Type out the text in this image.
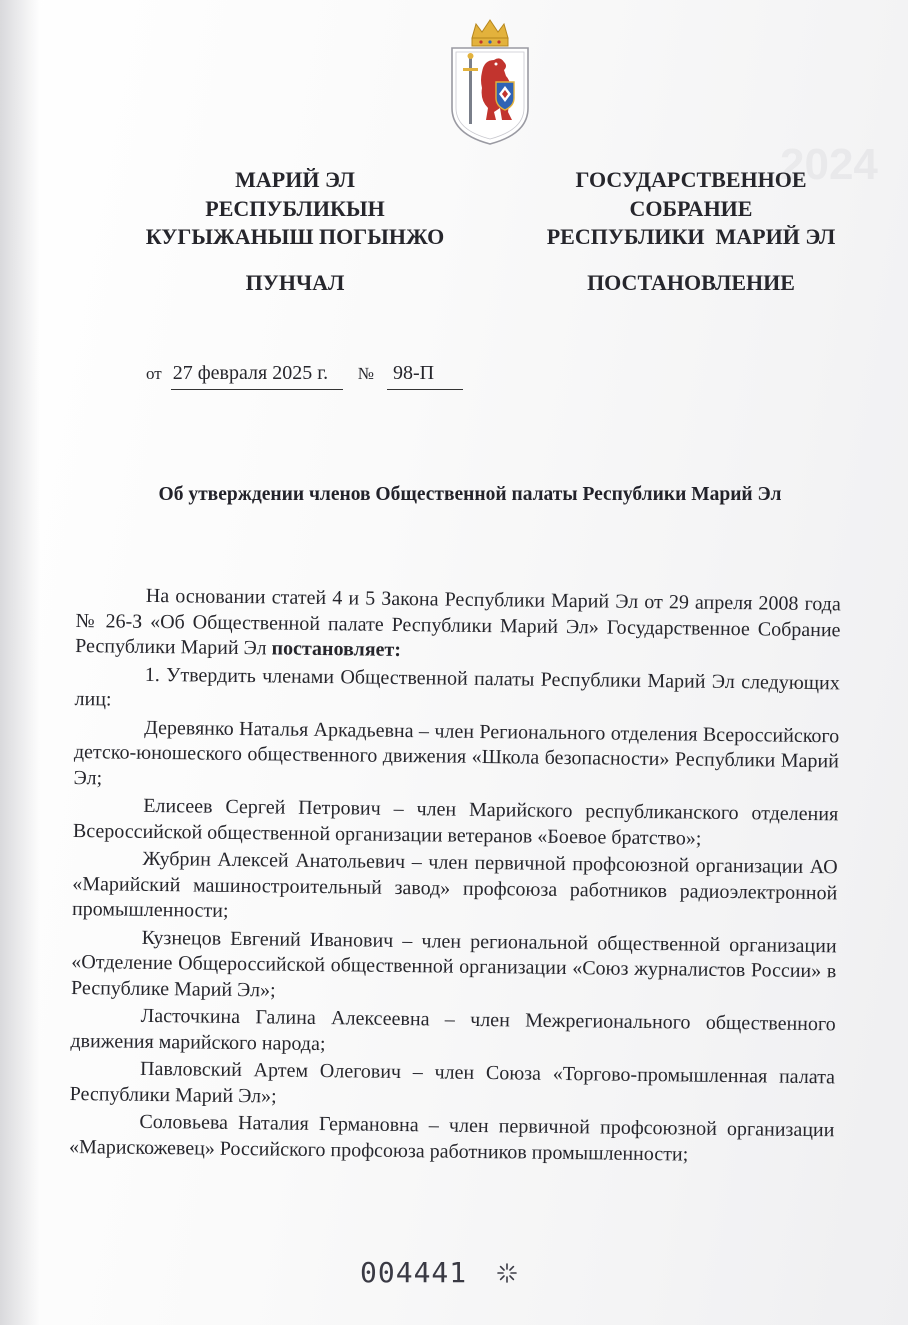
2024
МАРИЙ ЭЛ
РЕСПУБЛИКЫН
КУГЫЖАНЫШ ПОГЫНЖО
ГОСУДАРСТВЕННОЕ
СОБРАНИЕ
РЕСПУБЛИКИ  МАРИЙ ЭЛ
ПУНЧАЛ	ПОСТАНОВЛЕНИЕ
от 27 февраля 2025 г. № 98-П
Об утверждении членов Общественной палаты Республики Марий Эл

На основании статей 4 и 5 Закона Республики Марий Эл от 29 апреля 2008 года № 26-З «Об Общественной палате Республики Марий Эл» Государственное Собрание Республики Марий Эл постановляет:

1. Утвердить членами Общественной палаты Республики Марий Эл следующих лиц:

Деревянко Наталья Аркадьевна – член Регионального отделения Всероссийского детско-юношеского общественного движения «Школа безопасности» Республики Марий Эл;

Елисеев Сергей Петрович – член Марийского республиканского отделения Всероссийской общественной организации ветеранов «Боевое братство»;

Жубрин Алексей Анатольевич – член первичной профсоюзной организации АО «Марийский машиностроительный завод» профсоюза работников радиоэлектронной промышленности;

Кузнецов Евгений Иванович – член региональной общественной организации «Отделение Общероссийской общественной организации «Союз журналистов России» в Республике Марий Эл»;

Ласточкина Галина Алексеевна – член Межрегионального общественного движения марийского народа;

Павловский Артем Олегович – член Союза «Торгово-промышленная палата Республики Марий Эл»;

Соловьева Наталия Германовна – член первичной профсоюзной организации «Марискожевец» Российского профсоюза работников промышленности;

004441
